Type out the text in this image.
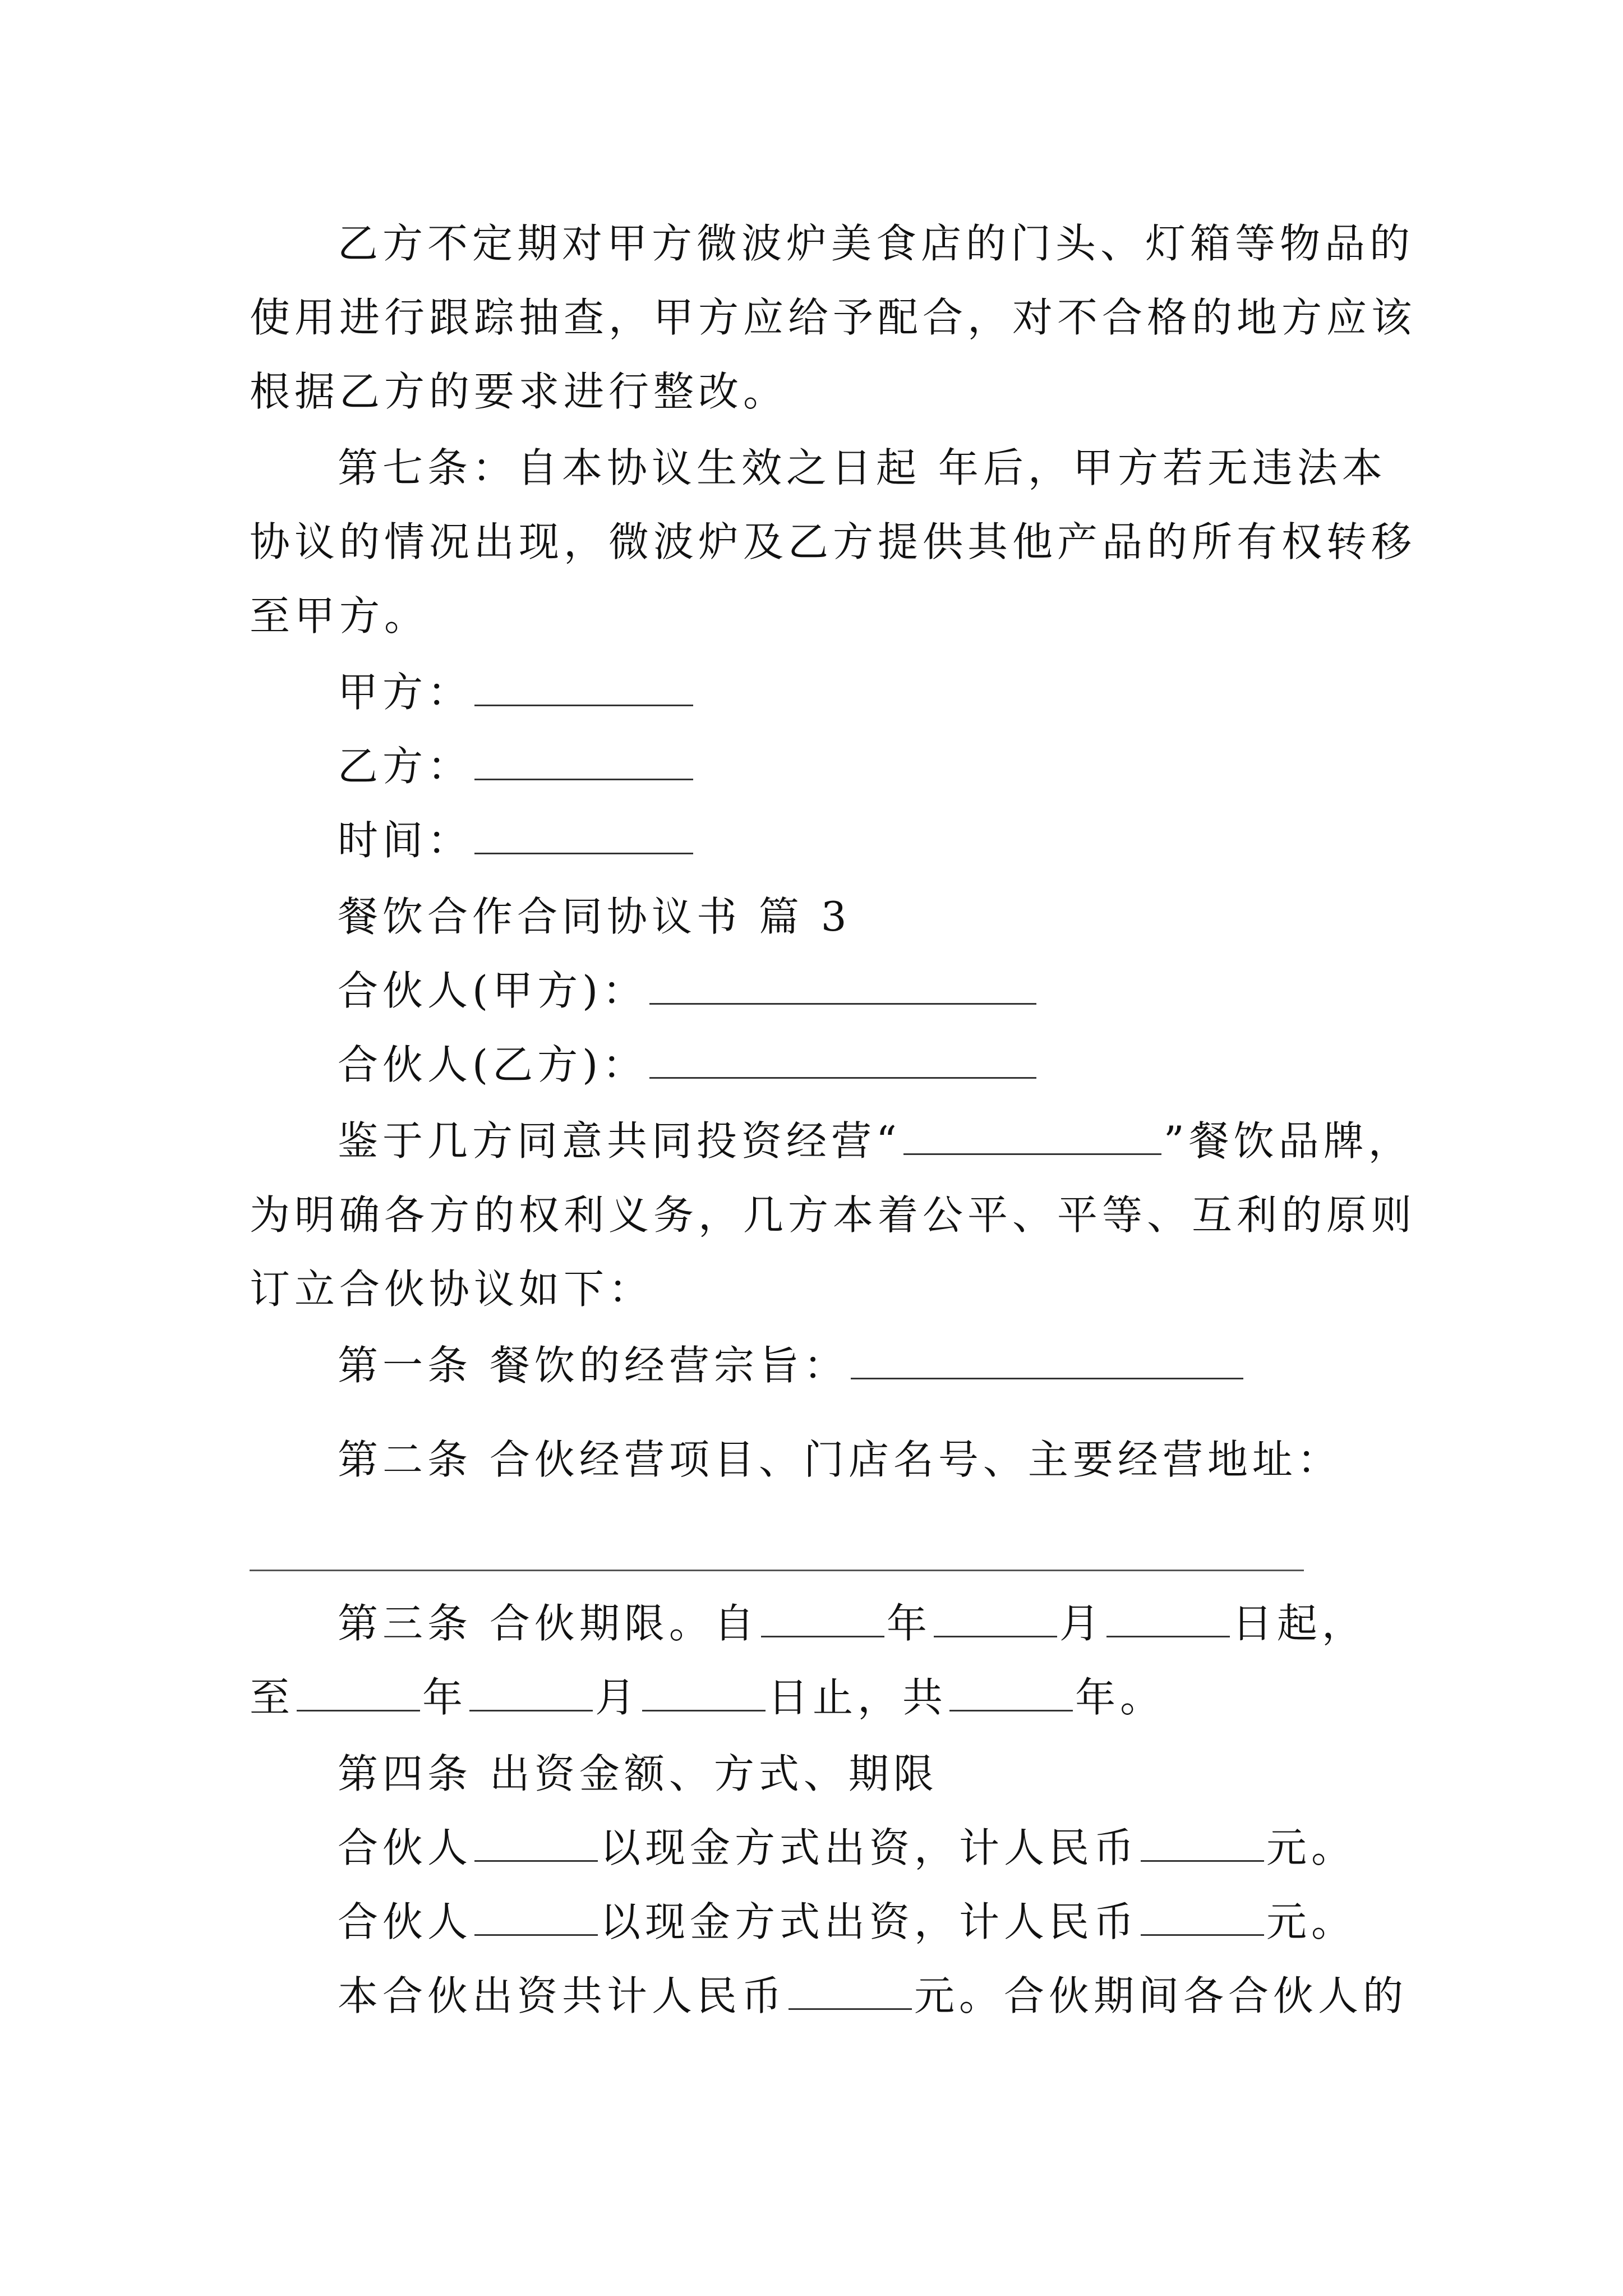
乙方不定期对甲方微波炉美食店的门头、灯箱等物品的
使用进行跟踪抽查，甲方应给予配合，对不合格的地方应该
根据乙方的要求进行整改。
第七条：自本协议生效之日起 年后，甲方若无违法本
协议的情况出现，微波炉及乙方提供其他产品的所有权转移
至甲方。
甲方：
乙方：
时间：
餐饮合作合同协议书 篇 3
合伙人(甲方)：
合伙人(乙方)：
鉴于几方同意共同投资经营“	”餐饮品牌，
为明确各方的权利义务，几方本着公平、平等、互利的原则
订立合伙协议如下：
第一条 餐饮的经营宗旨：
第二条 合伙经营项目、门店名号、主要经营地址：
第三条 合伙期限。自	年	月	日起，
至	年	月	日止，共	年。
第四条 出资金额、方式、期限
合伙人	以现金方式出资，计人民币	元。
合伙人	以现金方式出资，计人民币	元。
本合伙出资共计人民币	元。合伙期间各合伙人的
